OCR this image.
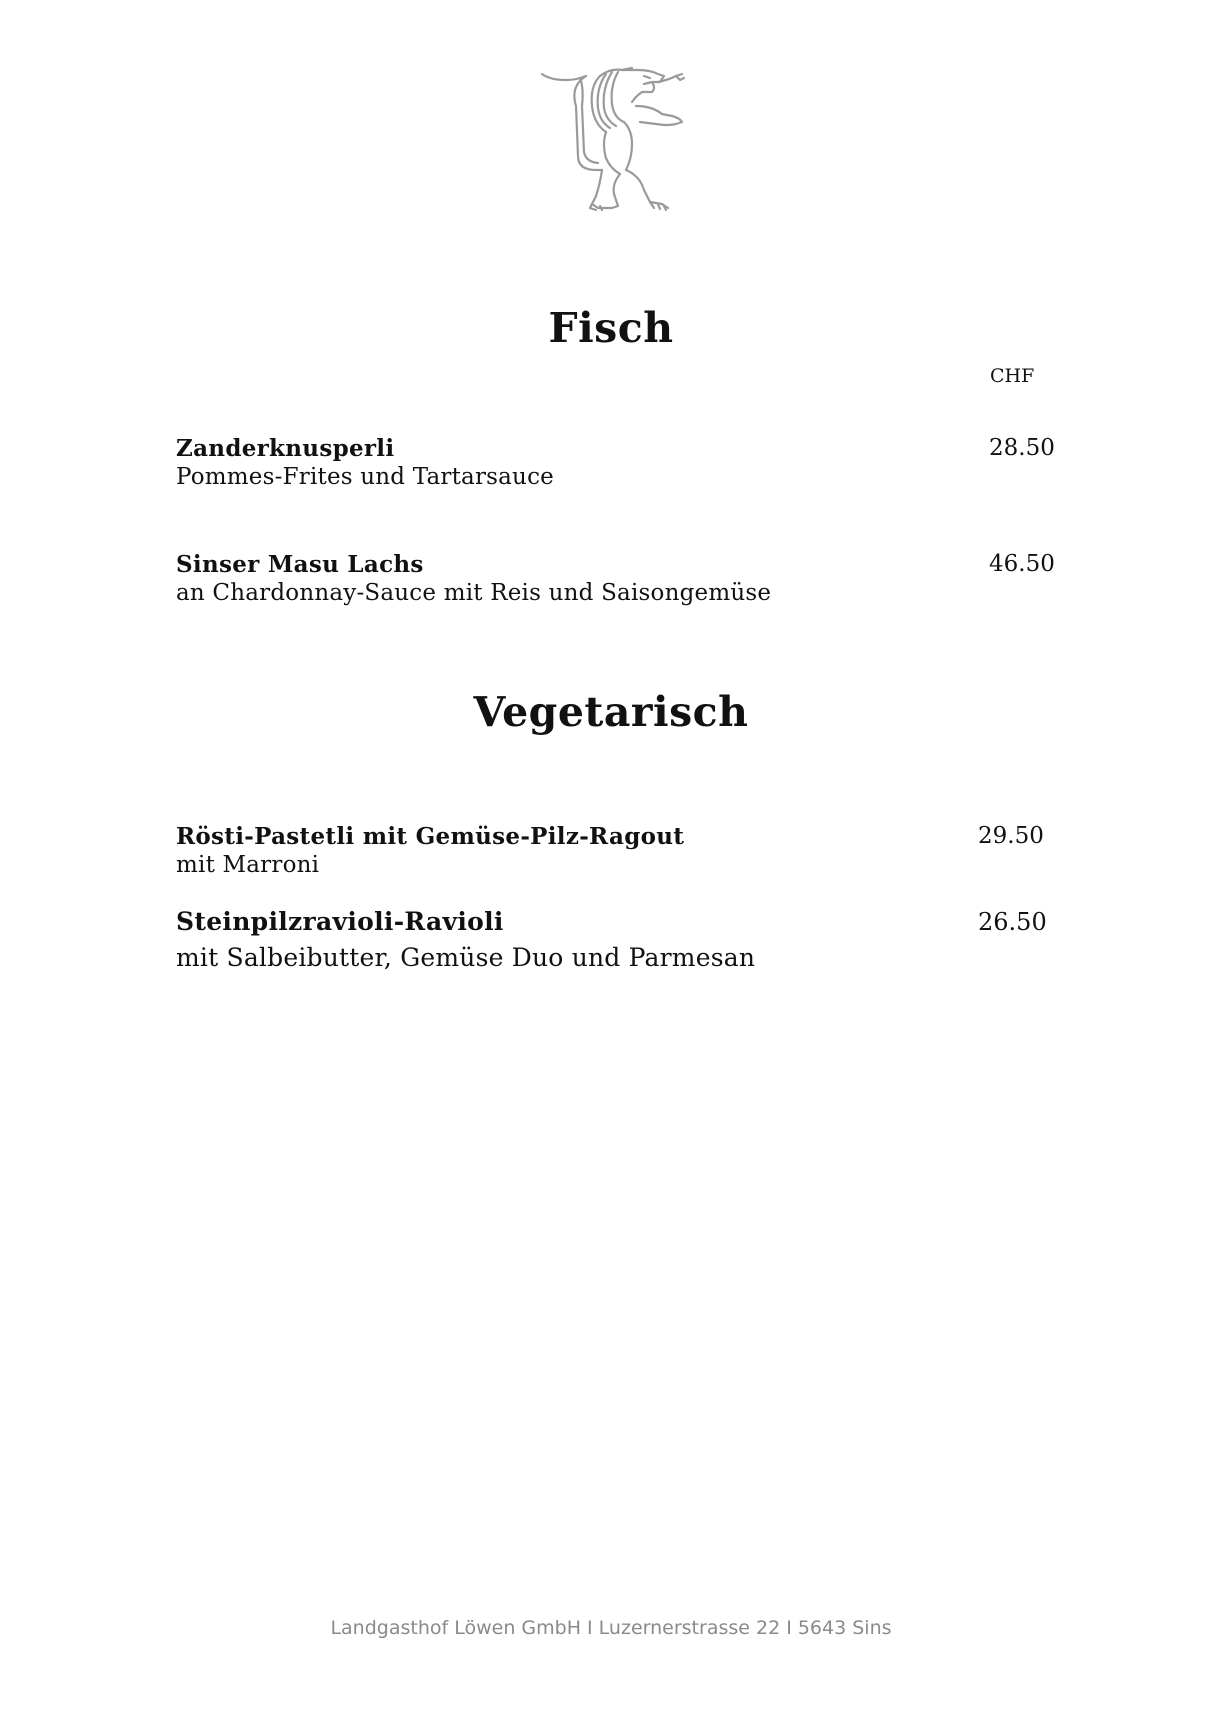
Fisch
CHF
Zanderknusperli
Pommes-Frites und Tartarsauce
28.50
Sinser Masu Lachs
an Chardonnay-Sauce mit Reis und Saisongemüse
46.50
Vegetarisch
Rösti-Pastetli mit Gemüse-Pilz-Ragout
mit Marroni
29.50
Steinpilzravioli-Ravioli
mit Salbeibutter, Gemüse Duo und Parmesan
26.50
Landgasthof Löwen GmbH I Luzernerstrasse 22 I 5643 Sins
